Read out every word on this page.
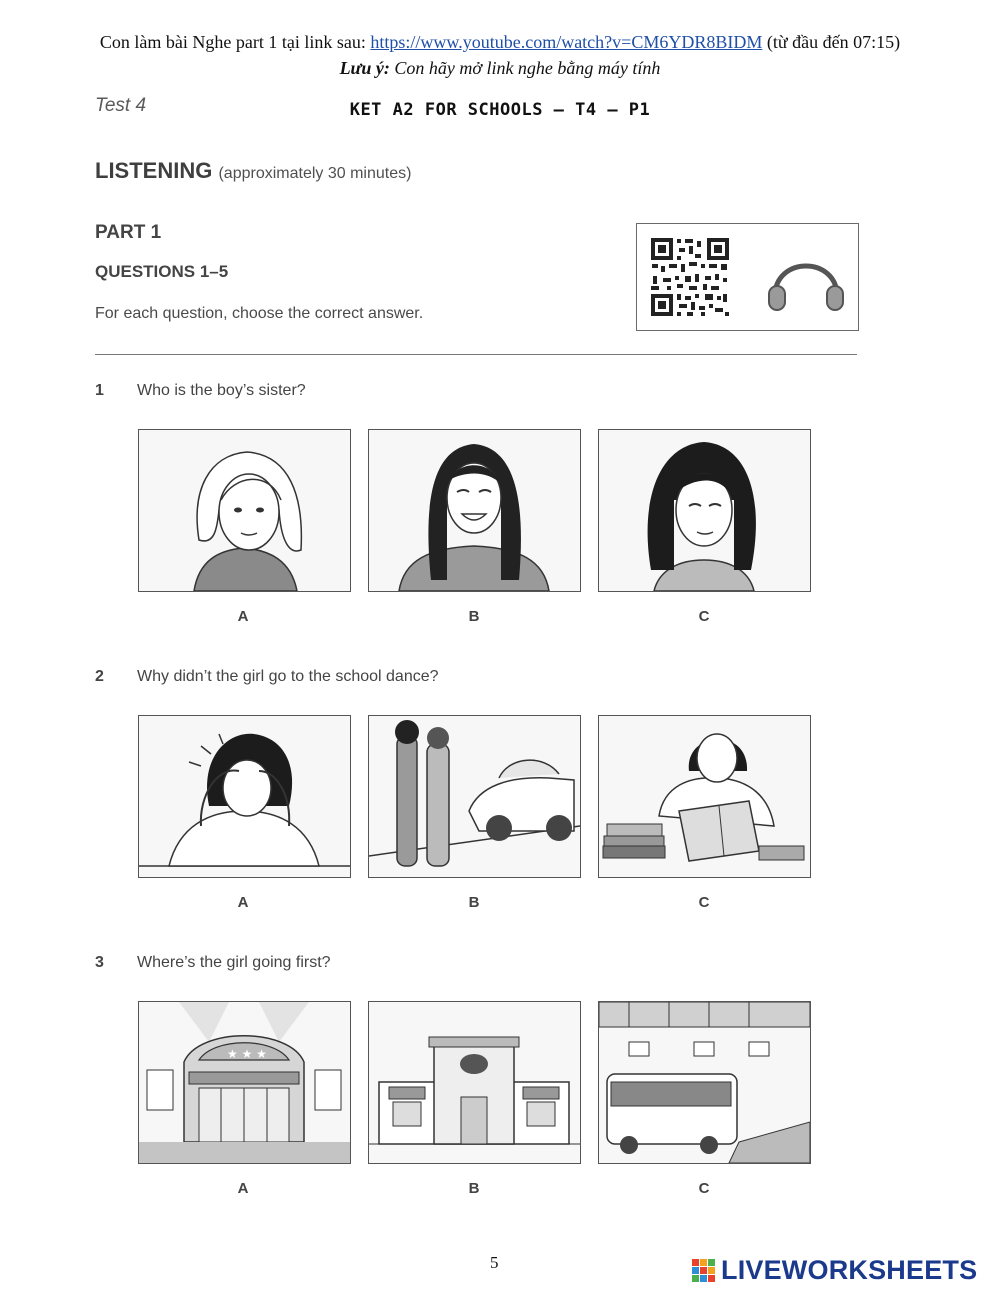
Con làm bài Nghe part 1 tại link sau: https://www.youtube.com/watch?v=CM6YDR8BIDM (từ đầu đến 07:15)
Lưu ý: Con hãy mở link nghe bằng máy tính
Test 4	KET A2 FOR SCHOOLS – T4 – P1
LISTENING (approximately 30 minutes)
PART 1
QUESTIONS 1–5
For each question, choose the correct answer.
1 Who is the boy’s sister?
A	B	C
2 Why didn’t the girl go to the school dance?
A	B	C
3 Where’s the girl going first?
★ ★ ★
A	B	C
5	LIVEWORKSHEETS
